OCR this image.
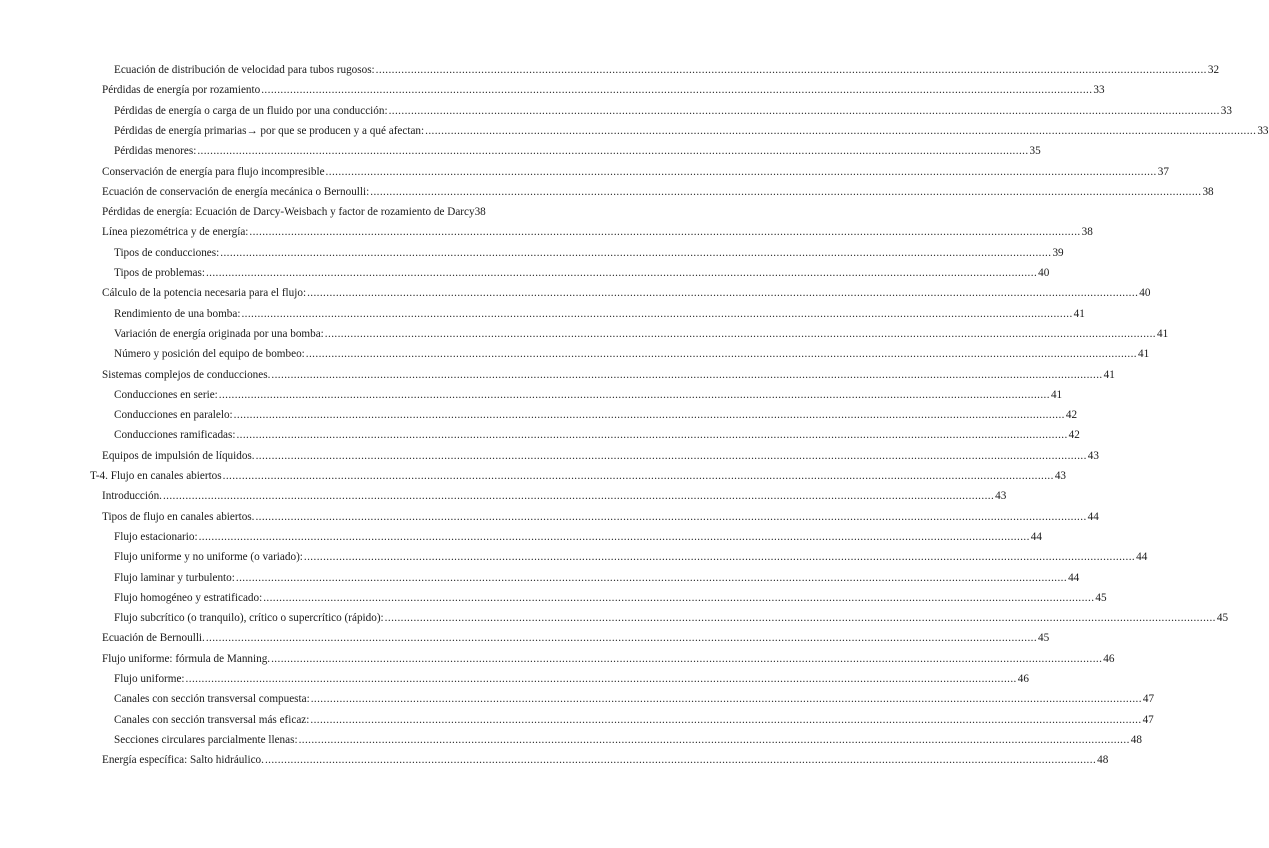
Ecuación de distribución de velocidad para tubos rugosos: .................................................................................................................................................................................................................................................................... 32
Pérdidas de energía por rozamiento .................................................................................................................................................................................................................................................................... 33
Pérdidas de energía o carga de un fluido por una conducción: .................................................................................................................................................................................................................................................................... 33
Pérdidas de energía primarias→ por que se producen y a qué afectan: .................................................................................................................................................................................................................................................................... 33
Pérdidas menores: .................................................................................................................................................................................................................................................................... 35
Conservación de energía para flujo incompresible .................................................................................................................................................................................................................................................................... 37
Ecuación de conservación de energía mecánica o Bernoulli: .................................................................................................................................................................................................................................................................... 38
Pérdidas de energía: Ecuación de Darcy-Weisbach y factor de rozamiento de Darcy 38
Línea piezométrica y de energía: .................................................................................................................................................................................................................................................................... 38
Tipos de conducciones: .................................................................................................................................................................................................................................................................... 39
Tipos de problemas: .................................................................................................................................................................................................................................................................... 40
Cálculo de la potencia necesaria para el flujo: .................................................................................................................................................................................................................................................................... 40
Rendimiento de una bomba: .................................................................................................................................................................................................................................................................... 41
Variación de energía originada por una bomba: .................................................................................................................................................................................................................................................................... 41
Número y posición del equipo de bombeo: .................................................................................................................................................................................................................................................................... 41
Sistemas complejos de conducciones. .................................................................................................................................................................................................................................................................... 41
Conducciones en serie: .................................................................................................................................................................................................................................................................... 41
Conducciones en paralelo: .................................................................................................................................................................................................................................................................... 42
Conducciones ramificadas: .................................................................................................................................................................................................................................................................... 42
Equipos de impulsión de líquidos. .................................................................................................................................................................................................................................................................... 43
T-4. Flujo en canales abiertos .................................................................................................................................................................................................................................................................... 43
Introducción. .................................................................................................................................................................................................................................................................... 43
Tipos de flujo en canales abiertos. .................................................................................................................................................................................................................................................................... 44
Flujo estacionario: .................................................................................................................................................................................................................................................................... 44
Flujo uniforme y no uniforme (o variado): .................................................................................................................................................................................................................................................................... 44
Flujo laminar y turbulento: .................................................................................................................................................................................................................................................................... 44
Flujo homogéneo y estratificado: .................................................................................................................................................................................................................................................................... 45
Flujo subcrítico (o tranquilo), crítico o supercrítico (rápido): .................................................................................................................................................................................................................................................................... 45
Ecuación de Bernoulli. .................................................................................................................................................................................................................................................................... 45
Flujo uniforme: fórmula de Manning. .................................................................................................................................................................................................................................................................... 46
Flujo uniforme: .................................................................................................................................................................................................................................................................... 46
Canales con sección transversal compuesta: .................................................................................................................................................................................................................................................................... 47
Canales con sección transversal más eficaz: .................................................................................................................................................................................................................................................................... 47
Secciones circulares parcialmente llenas: .................................................................................................................................................................................................................................................................... 48
Energía específica: Salto hidráulico. .................................................................................................................................................................................................................................................................... 48
